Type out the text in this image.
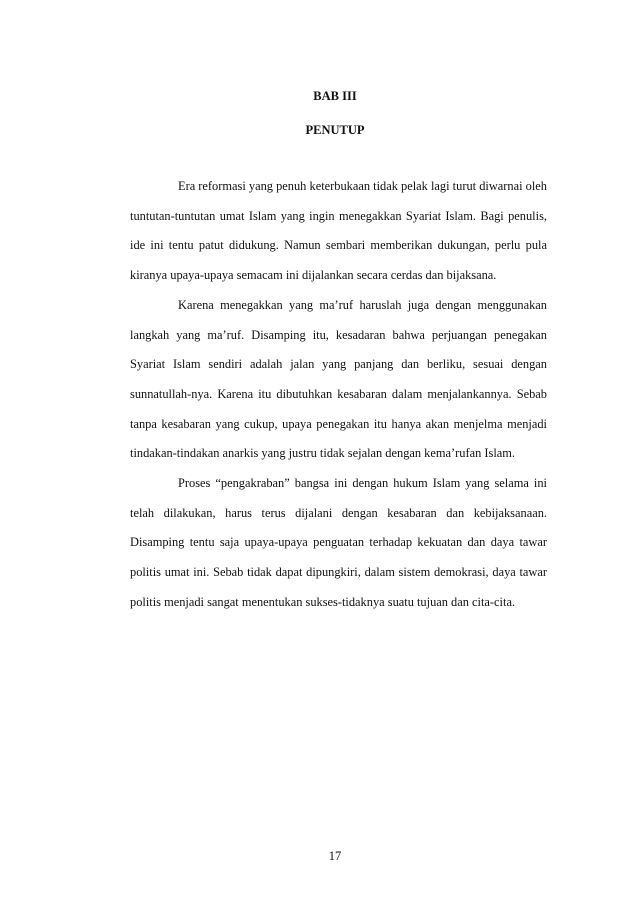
BAB III
PENUTUP

Era reformasi yang penuh keterbukaan tidak pelak lagi turut diwarnai oleh tuntutan-tuntutan umat Islam yang ingin menegakkan Syariat Islam. Bagi penulis, ide ini tentu patut didukung. Namun sembari memberikan dukungan, perlu pula kiranya upaya-upaya semacam ini dijalankan secara cerdas dan bijaksana.

Karena menegakkan yang ma’ruf haruslah juga dengan menggunakan langkah yang ma’ruf. Disamping itu, kesadaran bahwa perjuangan penegakan Syariat Islam sendiri adalah jalan yang panjang dan berliku, sesuai dengan sunnatullah-nya. Karena itu dibutuhkan kesabaran dalam menjalankannya. Sebab tanpa kesabaran yang cukup, upaya penegakan itu hanya akan menjelma menjadi tindakan-tindakan anarkis yang justru tidak sejalan dengan kema’rufan Islam.

Proses “pengakraban” bangsa ini dengan hukum Islam yang selama ini telah dilakukan, harus terus dijalani dengan kesabaran dan kebijaksanaan. Disamping tentu saja upaya-upaya penguatan terhadap kekuatan dan daya tawar politis umat ini. Sebab tidak dapat dipungkiri, dalam sistem demokrasi, daya tawar politis menjadi sangat menentukan sukses-tidaknya suatu tujuan dan cita-cita.

17
